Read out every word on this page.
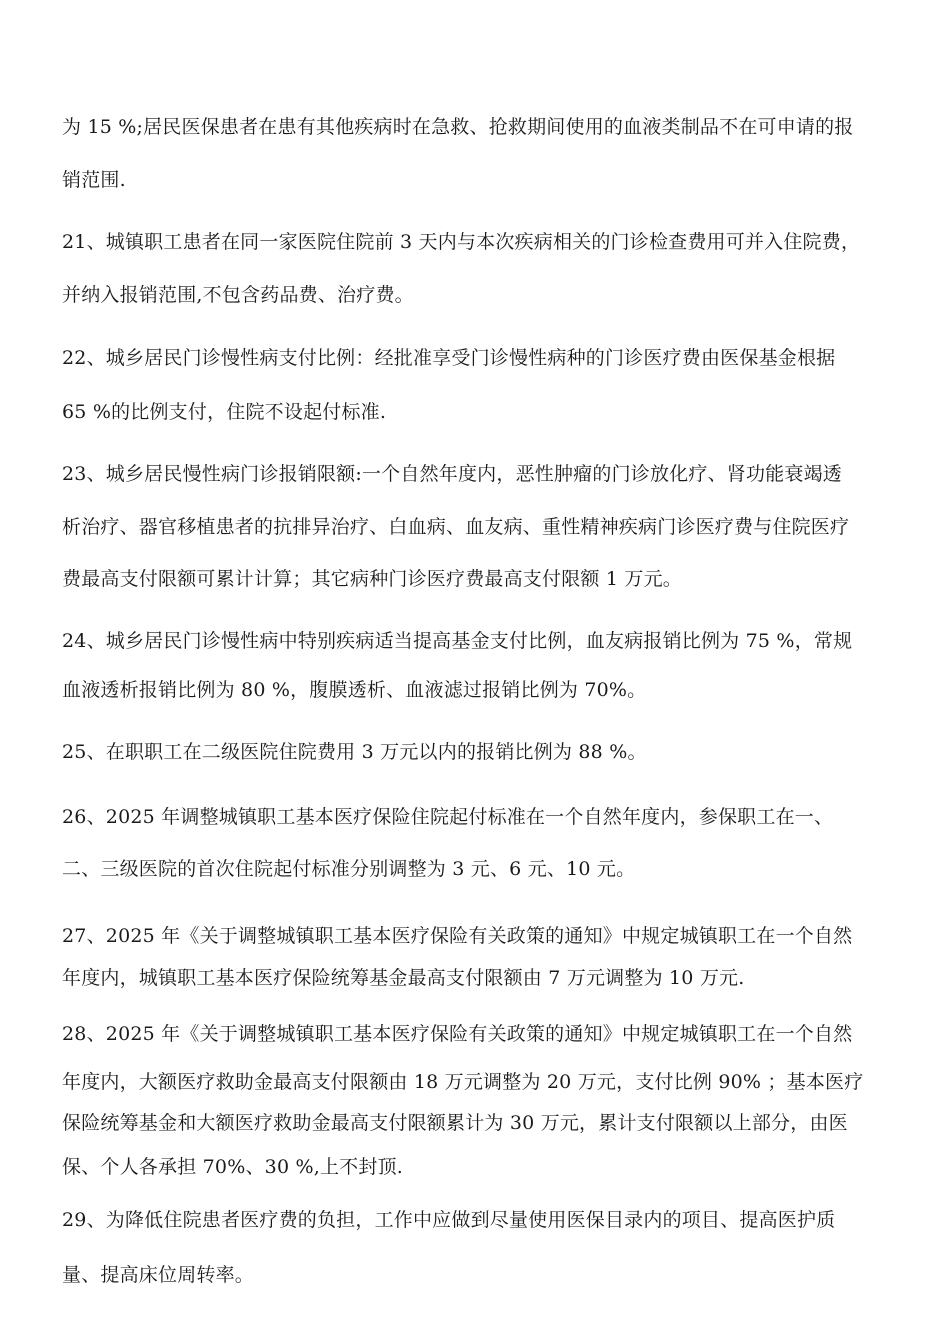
为 15 %;居民医保患者在患有其他疾病时在急救、抢救期间使用的血液类制品不在可申请的报
销范围.
21、城镇职工患者在同一家医院住院前 3 天内与本次疾病相关的门诊检查费用可并入住院费，
并纳入报销范围,不包含药品费、治疗费。
22、城乡居民门诊慢性病支付比例：经批准享受门诊慢性病种的门诊医疗费由医保基金根据
65 %的比例支付，住院不设起付标准.
23、城乡居民慢性病门诊报销限额:一个自然年度内，恶性肿瘤的门诊放化疗、肾功能衰竭透
析治疗、器官移植患者的抗排异治疗、白血病、血友病、重性精神疾病门诊医疗费与住院医疗
费最高支付限额可累计计算；其它病种门诊医疗费最高支付限额 1 万元。
24、城乡居民门诊慢性病中特别疾病适当提高基金支付比例，血友病报销比例为 75 %，常规
血液透析报销比例为 80 %，腹膜透析、血液滤过报销比例为 70%。
25、在职职工在二级医院住院费用 3 万元以内的报销比例为 88 %。
26、2025 年调整城镇职工基本医疗保险住院起付标准在一个自然年度内，参保职工在一、
二、三级医院的首次住院起付标准分别调整为 3 元、6 元、10 元。
27、2025 年《关于调整城镇职工基本医疗保险有关政策的通知》中规定城镇职工在一个自然
年度内，城镇职工基本医疗保险统筹基金最高支付限额由 7 万元调整为 10 万元.
28、2025 年《关于调整城镇职工基本医疗保险有关政策的通知》中规定城镇职工在一个自然
年度内，大额医疗救助金最高支付限额由 18 万元调整为 20 万元，支付比例 90% ；基本医疗
保险统筹基金和大额医疗救助金最高支付限额累计为 30 万元，累计支付限额以上部分，由医
保、个人各承担 70%、30 %,上不封顶.
29、为降低住院患者医疗费的负担，工作中应做到尽量使用医保目录内的项目、提高医护质
量、提高床位周转率。
